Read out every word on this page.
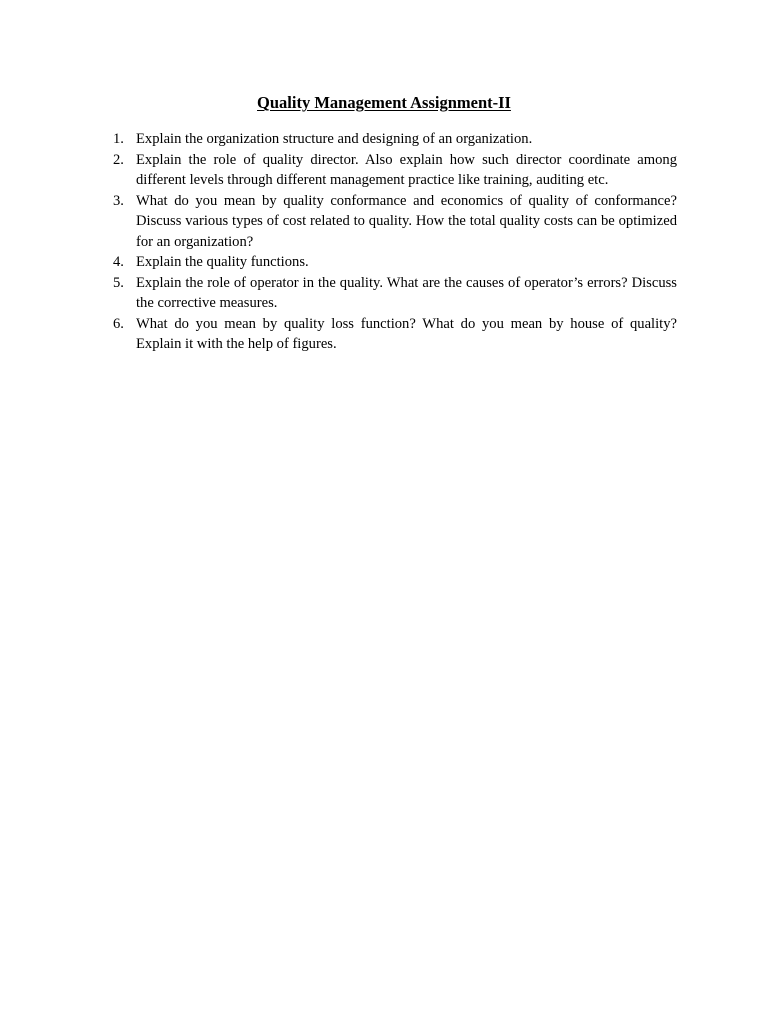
Quality Management Assignment-II
1. Explain the organization structure and designing of an organization.
2. Explain the role of quality director. Also explain how such director coordinate among different levels through different management practice like training, auditing etc.
3. What do you mean by quality conformance and economics of quality of conformance? Discuss various types of cost related to quality. How the total quality costs can be optimized for an organization?
4. Explain the quality functions.
5. Explain the role of operator in the quality. What are the causes of operator’s errors? Discuss the corrective measures.
6. What do you mean by quality loss function? What do you mean by house of quality? Explain it with the help of figures.
